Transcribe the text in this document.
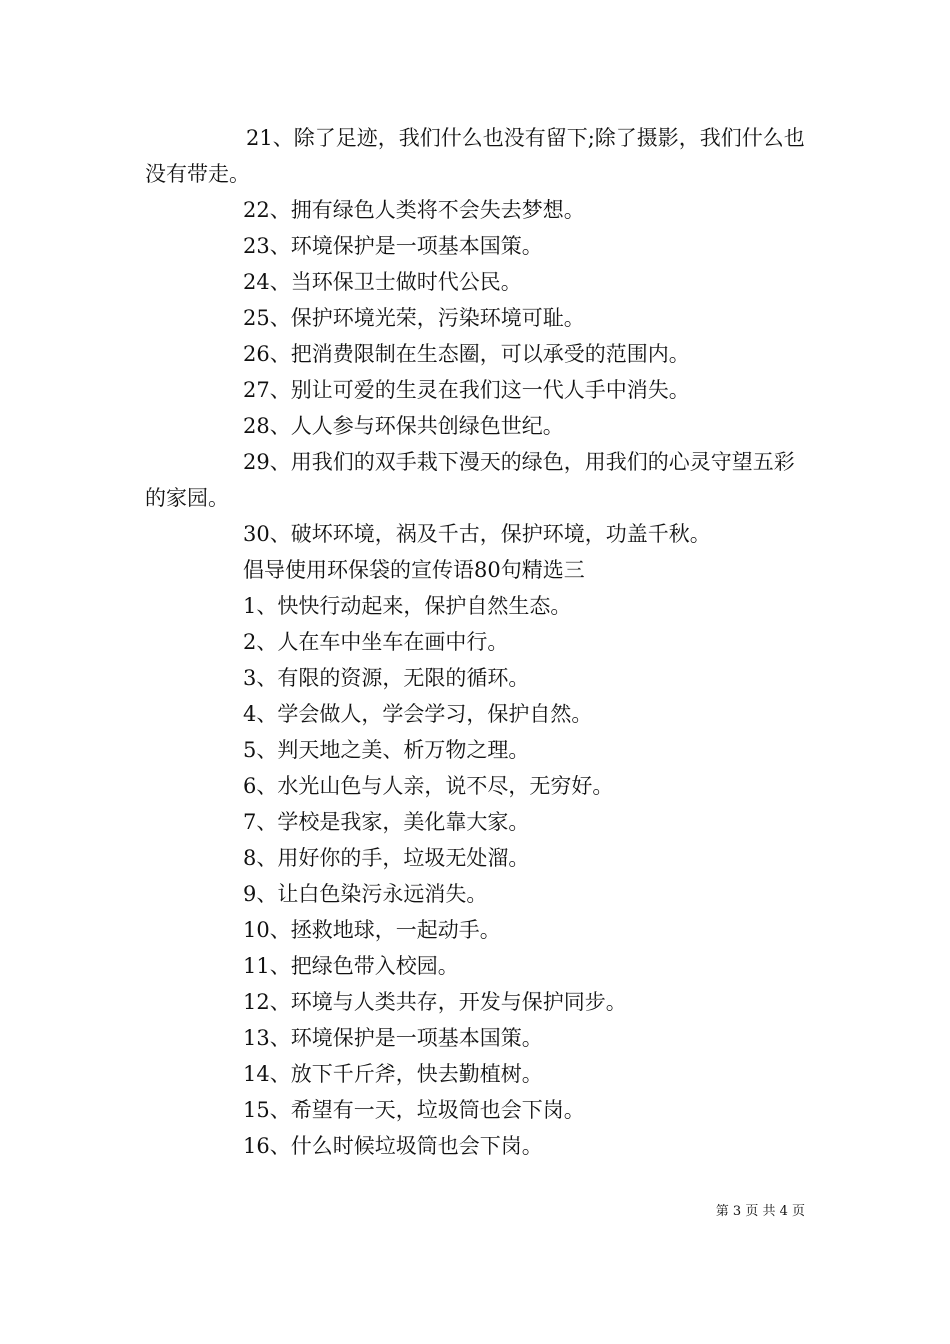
21、除了足迹，我们什么也没有留下;除了摄影，我们什么也没有带走。

22、拥有绿色人类将不会失去梦想。

23、环境保护是一项基本国策。

24、当环保卫士做时代公民。

25、保护环境光荣，污染环境可耻。

26、把消费限制在生态圈，可以承受的范围内。

27、别让可爱的生灵在我们这一代人手中消失。

28、人人参与环保共创绿色世纪。

29、用我们的双手栽下漫天的绿色，用我们的心灵守望五彩的家园。

30、破坏环境，祸及千古，保护环境，功盖千秋。

倡导使用环保袋的宣传语80句精选三

1、快快行动起来，保护自然生态。

2、人在车中坐车在画中行。

3、有限的资源，无限的循环。

4、学会做人，学会学习，保护自然。

5、判天地之美、析万物之理。

6、水光山色与人亲，说不尽，无穷好。

7、学校是我家，美化靠大家。

8、用好你的手，垃圾无处溜。

9、让白色染污永远消失。

10、拯救地球，一起动手。

11、把绿色带入校园。

12、环境与人类共存，开发与保护同步。

13、环境保护是一项基本国策。

14、放下千斤斧，快去勤植树。

15、希望有一天，垃圾筒也会下岗。

16、什么时候垃圾筒也会下岗。

第 3 页 共 4 页
